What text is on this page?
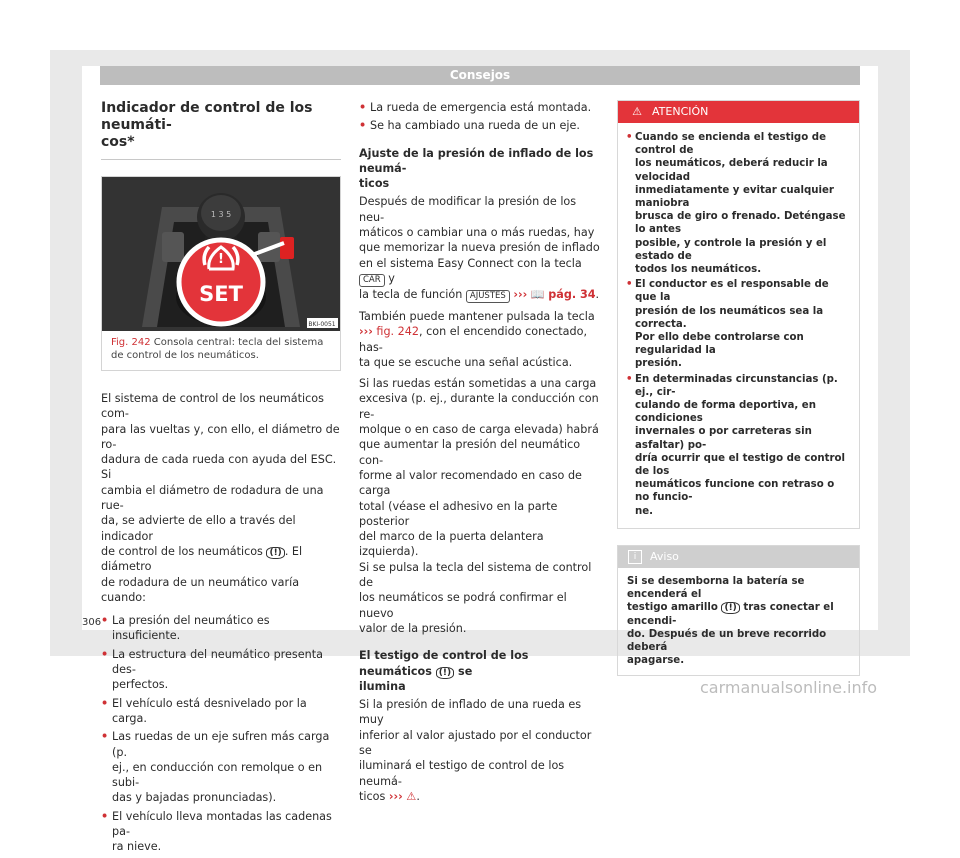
Consejos
Indicador de control de los neumáti-
cos*
1 3 5
!
SET
BKI-0051
Fig. 242 Consola central: tecla del sistema de control de los neumáticos.
El sistema de control de los neumáticos com-
para las vueltas y, con ello, el diámetro de ro-
dadura de cada rueda con ayuda del ESC. Si
cambia el diámetro de rodadura de una rue-
da, se advierte de ello a través del indicador
de control de los neumáticos (!) . El diámetro
de rodadura de un neumático varía cuando:
• La presión del neumático es insuficiente.
• La estructura del neumático presenta des-
perfectos.
• El vehículo está desnivelado por la carga.
• Las ruedas de un eje sufren más carga (p.
ej., en conducción con remolque o en subi-
das y bajadas pronunciadas).
• El vehículo lleva montadas las cadenas pa-
ra nieve.
• La rueda de emergencia está montada.
• Se ha cambiado una rueda de un eje.
Ajuste de la presión de inflado de los neumá-
ticos

Después de modificar la presión de los neu-
máticos o cambiar una o más ruedas, hay
que memorizar la nueva presión de inflado
en el sistema Easy Connect con la tecla CAR y
la tecla de función AJUSTES ››› 📖 pág. 34.

También puede mantener pulsada la tecla
››› fig. 242, con el encendido conectado, has-
ta que se escuche una señal acústica.

Si las ruedas están sometidas a una carga
excesiva (p. ej., durante la conducción con re-
molque o en caso de carga elevada) habrá
que aumentar la presión del neumático con-
forme al valor recomendado en caso de carga
total (véase el adhesivo en la parte posterior
del marco de la puerta delantera izquierda).
Si se pulsa la tecla del sistema de control de
los neumáticos se podrá confirmar el nuevo
valor de la presión.

El testigo de control de los neumáticos (!) se
ilumina

Si la presión de inflado de una rueda es muy
inferior al valor ajustado por el conductor se
iluminará el testigo de control de los neumá-
ticos ››› ⚠.

⚠ ATENCIÓN
• Cuando se encienda el testigo de control de
los neumáticos, deberá reducir la velocidad
inmediatamente y evitar cualquier maniobra
brusca de giro o frenado. Deténgase lo antes
posible, y controle la presión y el estado de
todos los neumáticos.
• El conductor es el responsable de que la
presión de los neumáticos sea la correcta.
Por ello debe controlarse con regularidad la
presión.
• En determinadas circunstancias (p. ej., cir-
culando de forma deportiva, en condiciones
invernales o por carreteras sin asfaltar) po-
dría ocurrir que el testigo de control de los
neumáticos funcione con retraso o no funcio-
ne.
i Aviso
Si se desemborna la batería se encenderá el
testigo amarillo (!) tras conectar el encendi-
do. Después de un breve recorrido deberá
apagarse.
306
carmanualsonline.info
